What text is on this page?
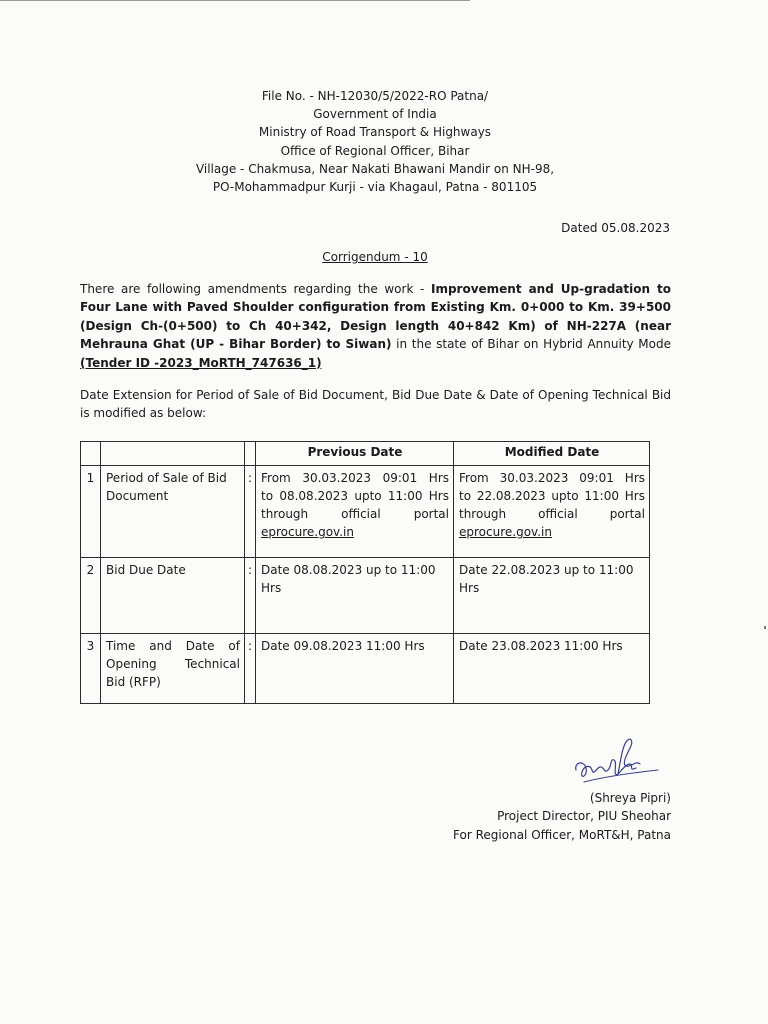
File No. - NH-12030/5/2022-RO Patna/
Government of India
Ministry of Road Transport & Highways
Office of Regional Officer, Bihar
Village - Chakmusa, Near Nakati Bhawani Mandir on NH-98,
PO-Mohammadpur Kurji - via Khagaul, Patna - 801105
Dated 05.08.2023
Corrigendum - 10

There are following amendments regarding the work - Improvement and Up-gradation to Four Lane with Paved Shoulder configuration from Existing Km. 0+000 to Km. 39+500 (Design Ch-(0+500) to Ch 40+342, Design length 40+842 Km) of NH-227A (near Mehrauna Ghat (UP - Bihar Border) to Siwan) in the state of Bihar on Hybrid Annuity Mode (Tender ID -2023_MoRTH_747636_1)

Date Extension for Period of Sale of Bid Document, Bid Due Date & Date of Opening Technical Bid is modified as below:

			Previous Date	Modified Date
1	Period of Sale of Bid Document	:	From 30.03.2023 09:01 Hrs
to 08.08.2023 upto 11:00 Hrs
through official portal
eprocure.gov.in	From 30.03.2023 09:01 Hrs
to 22.08.2023 upto 11:00 Hrs
through official portal
eprocure.gov.in
2	Bid Due Date	:	Date 08.08.2023 up to 11:00 Hrs	Date 22.08.2023 up to 11:00 Hrs
3	Time and Date of
Opening Technical
Bid (RFP)	:	Date 09.08.2023 11:00 Hrs	Date 23.08.2023 11:00 Hrs
(Shreya Pipri)
Project Director, PIU Sheohar
For Regional Officer, MoRT&H, Patna
